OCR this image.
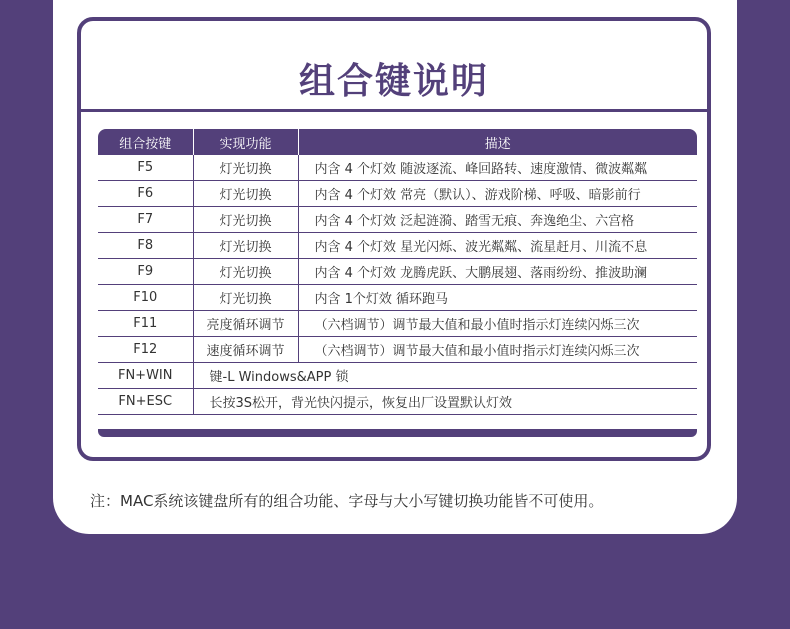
组合键说明
组合按键	实现功能	描述
F5	灯光切换	内含 4 个灯效 随波逐流、峰回路转、速度激情、微波粼粼
F6	灯光切换	内含 4 个灯效 常亮（默认）、游戏阶梯、呼吸、暗影前行
F7	灯光切换	内含 4 个灯效 泛起涟漪、踏雪无痕、奔逸绝尘、六宫格
F8	灯光切换	内含 4 个灯效 星光闪烁、波光粼粼、流星赶月、川流不息
F9	灯光切换	内含 4 个灯效 龙腾虎跃、大鹏展翅、落雨纷纷、推波助澜
F10	灯光切换	内含 1个灯效 循环跑马
F11	亮度循环调节	（六档调节）调节最大值和最小值时指示灯连续闪烁三次
F12	速度循环调节	（六档调节）调节最大值和最小值时指示灯连续闪烁三次
FN+WIN	键-L Windows&APP 锁	
FN+ESC	长按3S松开，背光快闪提示，恢复出厂设置默认灯效	
注：MAC系统该键盘所有的组合功能、字母与大小写键切换功能皆不可使用。
